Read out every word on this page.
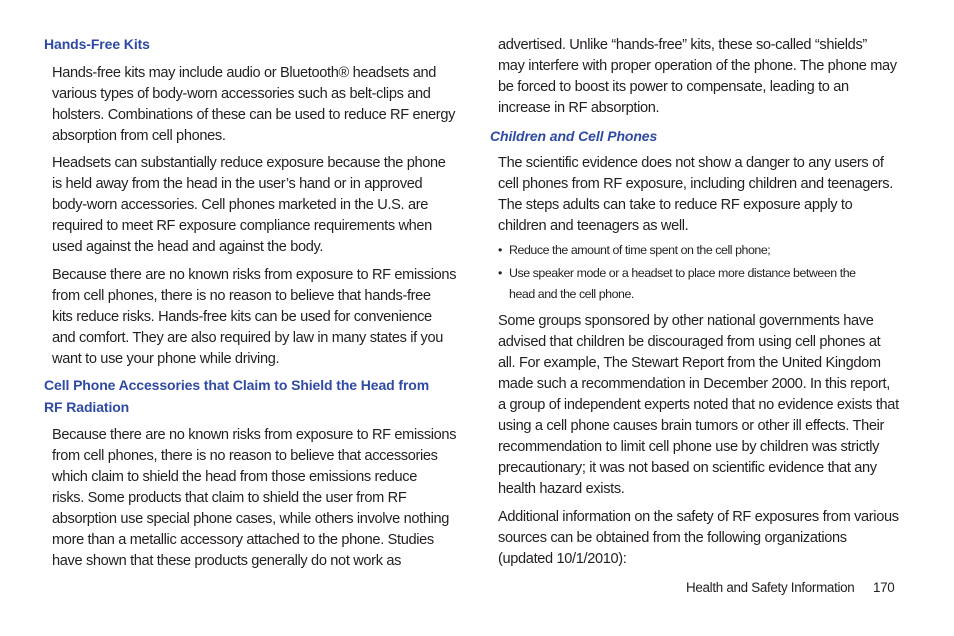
Hands-Free Kits

Hands-free kits may include audio or Bluetooth® headsets and
various types of body-worn accessories such as belt-clips and
holsters. Combinations of these can be used to reduce RF energy
absorption from cell phones.

Headsets can substantially reduce exposure because the phone
is held away from the head in the user’s hand or in approved
body-worn accessories. Cell phones marketed in the U.S. are
required to meet RF exposure compliance requirements when
used against the head and against the body.

Because there are no known risks from exposure to RF emissions
from cell phones, there is no reason to believe that hands-free
kits reduce risks. Hands-free kits can be used for convenience
and comfort. They are also required by law in many states if you
want to use your phone while driving.

Cell Phone Accessories that Claim to Shield the Head from
RF Radiation

Because there are no known risks from exposure to RF emissions
from cell phones, there is no reason to believe that accessories
which claim to shield the head from those emissions reduce
risks. Some products that claim to shield the user from RF
absorption use special phone cases, while others involve nothing
more than a metallic accessory attached to the phone. Studies
have shown that these products generally do not work as

advertised. Unlike “hands-free” kits, these so-called “shields”
may interfere with proper operation of the phone. The phone may
be forced to boost its power to compensate, leading to an
increase in RF absorption.

Children and Cell Phones

The scientific evidence does not show a danger to any users of
cell phones from RF exposure, including children and teenagers.
The steps adults can take to reduce RF exposure apply to
children and teenagers as well.

• Reduce the amount of time spent on the cell phone;
• Use speaker mode or a headset to place more distance between the
head and the cell phone.

Some groups sponsored by other national governments have
advised that children be discouraged from using cell phones at
all. For example, The Stewart Report from the United Kingdom
made such a recommendation in December 2000. In this report,
a group of independent experts noted that no evidence exists that
using a cell phone causes brain tumors or other ill effects. Their
recommendation to limit cell phone use by children was strictly
precautionary; it was not based on scientific evidence that any
health hazard exists.

Additional information on the safety of RF exposures from various
sources can be obtained from the following organizations
(updated 10/1/2010):

Health and Safety Information 170
